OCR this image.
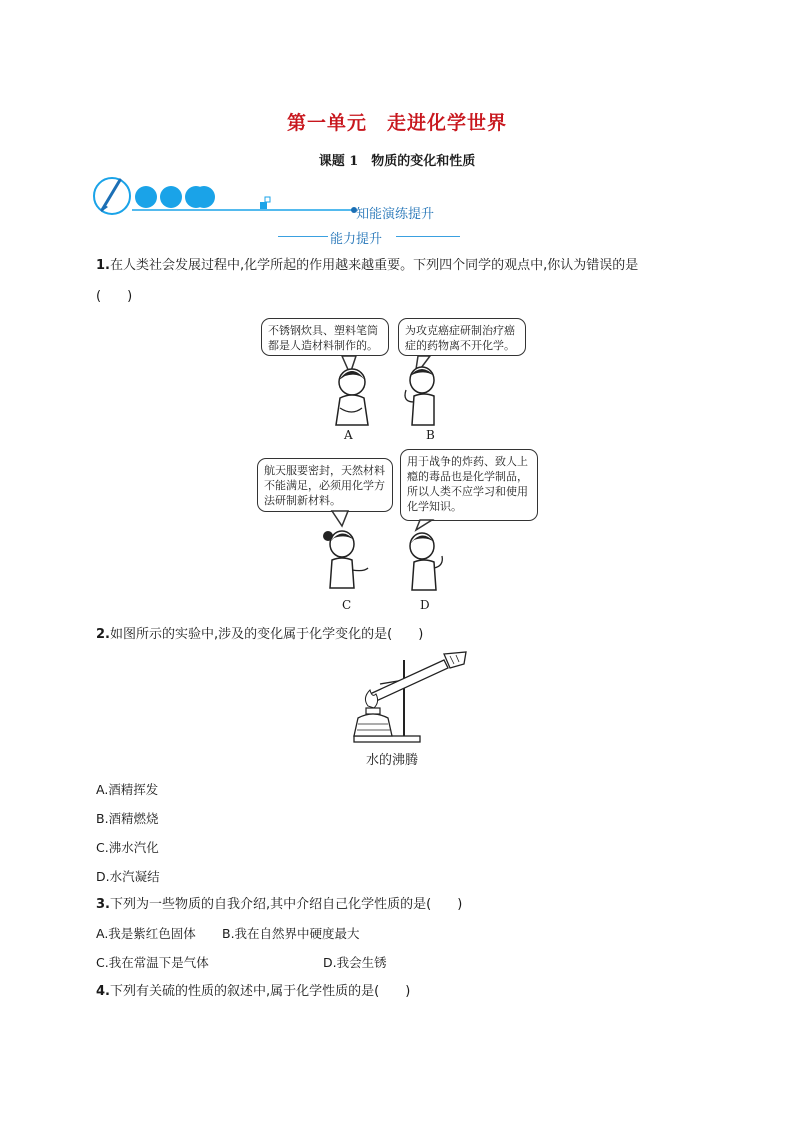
第一单元　走进化学世界
课题 1　物质的变化和性质
知能演练提升
能力提升
1.在人类社会发展过程中,化学所起的作用越来越重要。下列四个同学的观点中,你认为错误的是
(　　)
不锈钢炊具、塑料笔筒都是人造材料制作的。
为攻克癌症研制治疗癌症的药物离不开化学。
航天服要密封，天然材料不能满足，必须用化学方法研制新材料。
用于战争的炸药、致人上瘾的毒品也是化学制品，所以人类不应学习和使用化学知识。
A	B
C	D
2.如图所示的实验中,涉及的变化属于化学变化的是(　　)
水的沸腾
A.酒精挥发
B.酒精燃烧
C.沸水汽化
D.水汽凝结
3.下列为一些物质的自我介绍,其中介绍自己化学性质的是(　　)
A.我是紫红色固体 B.我在自然界中硬度最大
C.我在常温下是气体	D.我会生锈
4.下列有关硫的性质的叙述中,属于化学性质的是(　　)
